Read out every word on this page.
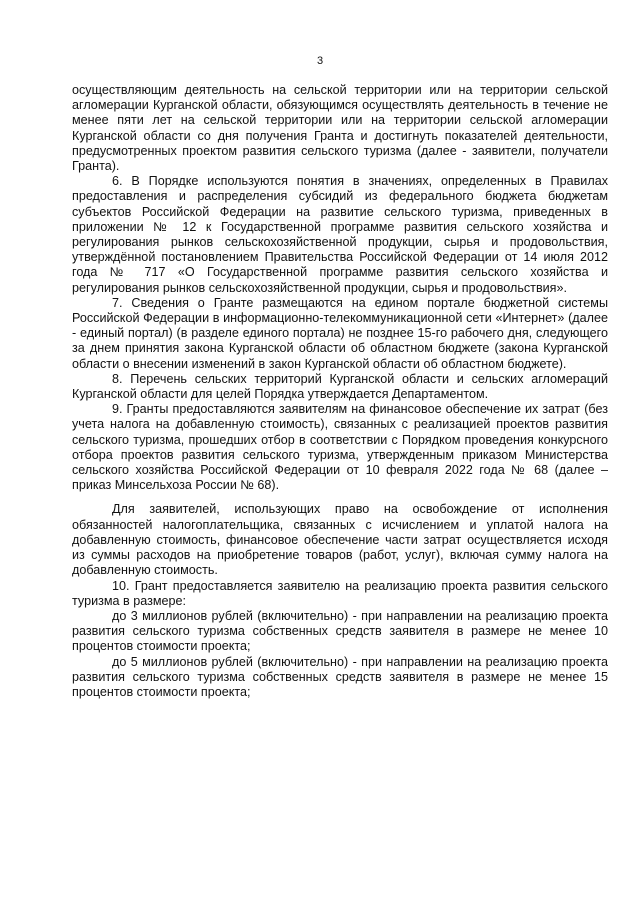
3

осуществляющим деятельность на сельской территории или на территории сельской агломерации Курганской области, обязующимся осуществлять деятельность в течение не менее пяти лет на сельской территории или на территории сельской агломерации Курганской области со дня получения Гранта и достигнуть показателей деятельности, предусмотренных проектом развития сельского туризма (далее - заявители, получатели Гранта).

6. В Порядке используются понятия в значениях, определенных в Правилах предоставления и распределения субсидий из федерального бюджета бюджетам субъектов Российской Федерации на развитие сельского туризма, приведенных в приложении № 12 к Государственной программе развития сельского хозяйства и регулирования рынков сельскохозяйственной продукции, сырья и продовольствия, утверждённой постановлением Правительства Российской Федерации от 14 июля 2012 года № 717 «О Государственной программе развития сельского хозяйства и регулирования рынков сельскохозяйственной продукции, сырья и продовольствия».

7. Сведения о Гранте размещаются на едином портале бюджетной системы Российской Федерации в информационно-телекоммуникационной сети «Интернет» (далее - единый портал) (в разделе единого портала) не позднее 15-го рабочего дня, следующего за днем принятия закона Курганской области об областном бюджете (закона Курганской области о внесении изменений в закон Курганской области об областном бюджете).

8. Перечень сельских территорий Курганской области и сельских агломераций Курганской области для целей Порядка утверждается Департаментом.

9. Гранты предоставляются заявителям на финансовое обеспечение их затрат (без учета налога на добавленную стоимость), связанных с реализацией проектов развития сельского туризма, прошедших отбор в соответствии с Порядком проведения конкурсного отбора проектов развития сельского туризма, утвержденным приказом Министерства сельского хозяйства Российской Федерации от 10 февраля 2022 года № 68 (далее – приказ Минсельхоза России № 68).

Для заявителей, использующих право на освобождение от исполнения обязанностей налогоплательщика, связанных с исчислением и уплатой налога на добавленную стоимость, финансовое обеспечение части затрат осуществляется исходя из суммы расходов на приобретение товаров (работ, услуг), включая сумму налога на добавленную стоимость.

10. Грант предоставляется заявителю на реализацию проекта развития сельского туризма в размере:

до 3 миллионов рублей (включительно) - при направлении на реализацию проекта развития сельского туризма собственных средств заявителя в размере не менее 10 процентов стоимости проекта;

до 5 миллионов рублей (включительно) - при направлении на реализацию проекта развития сельского туризма собственных средств заявителя в размере не менее 15 процентов стоимости проекта;
